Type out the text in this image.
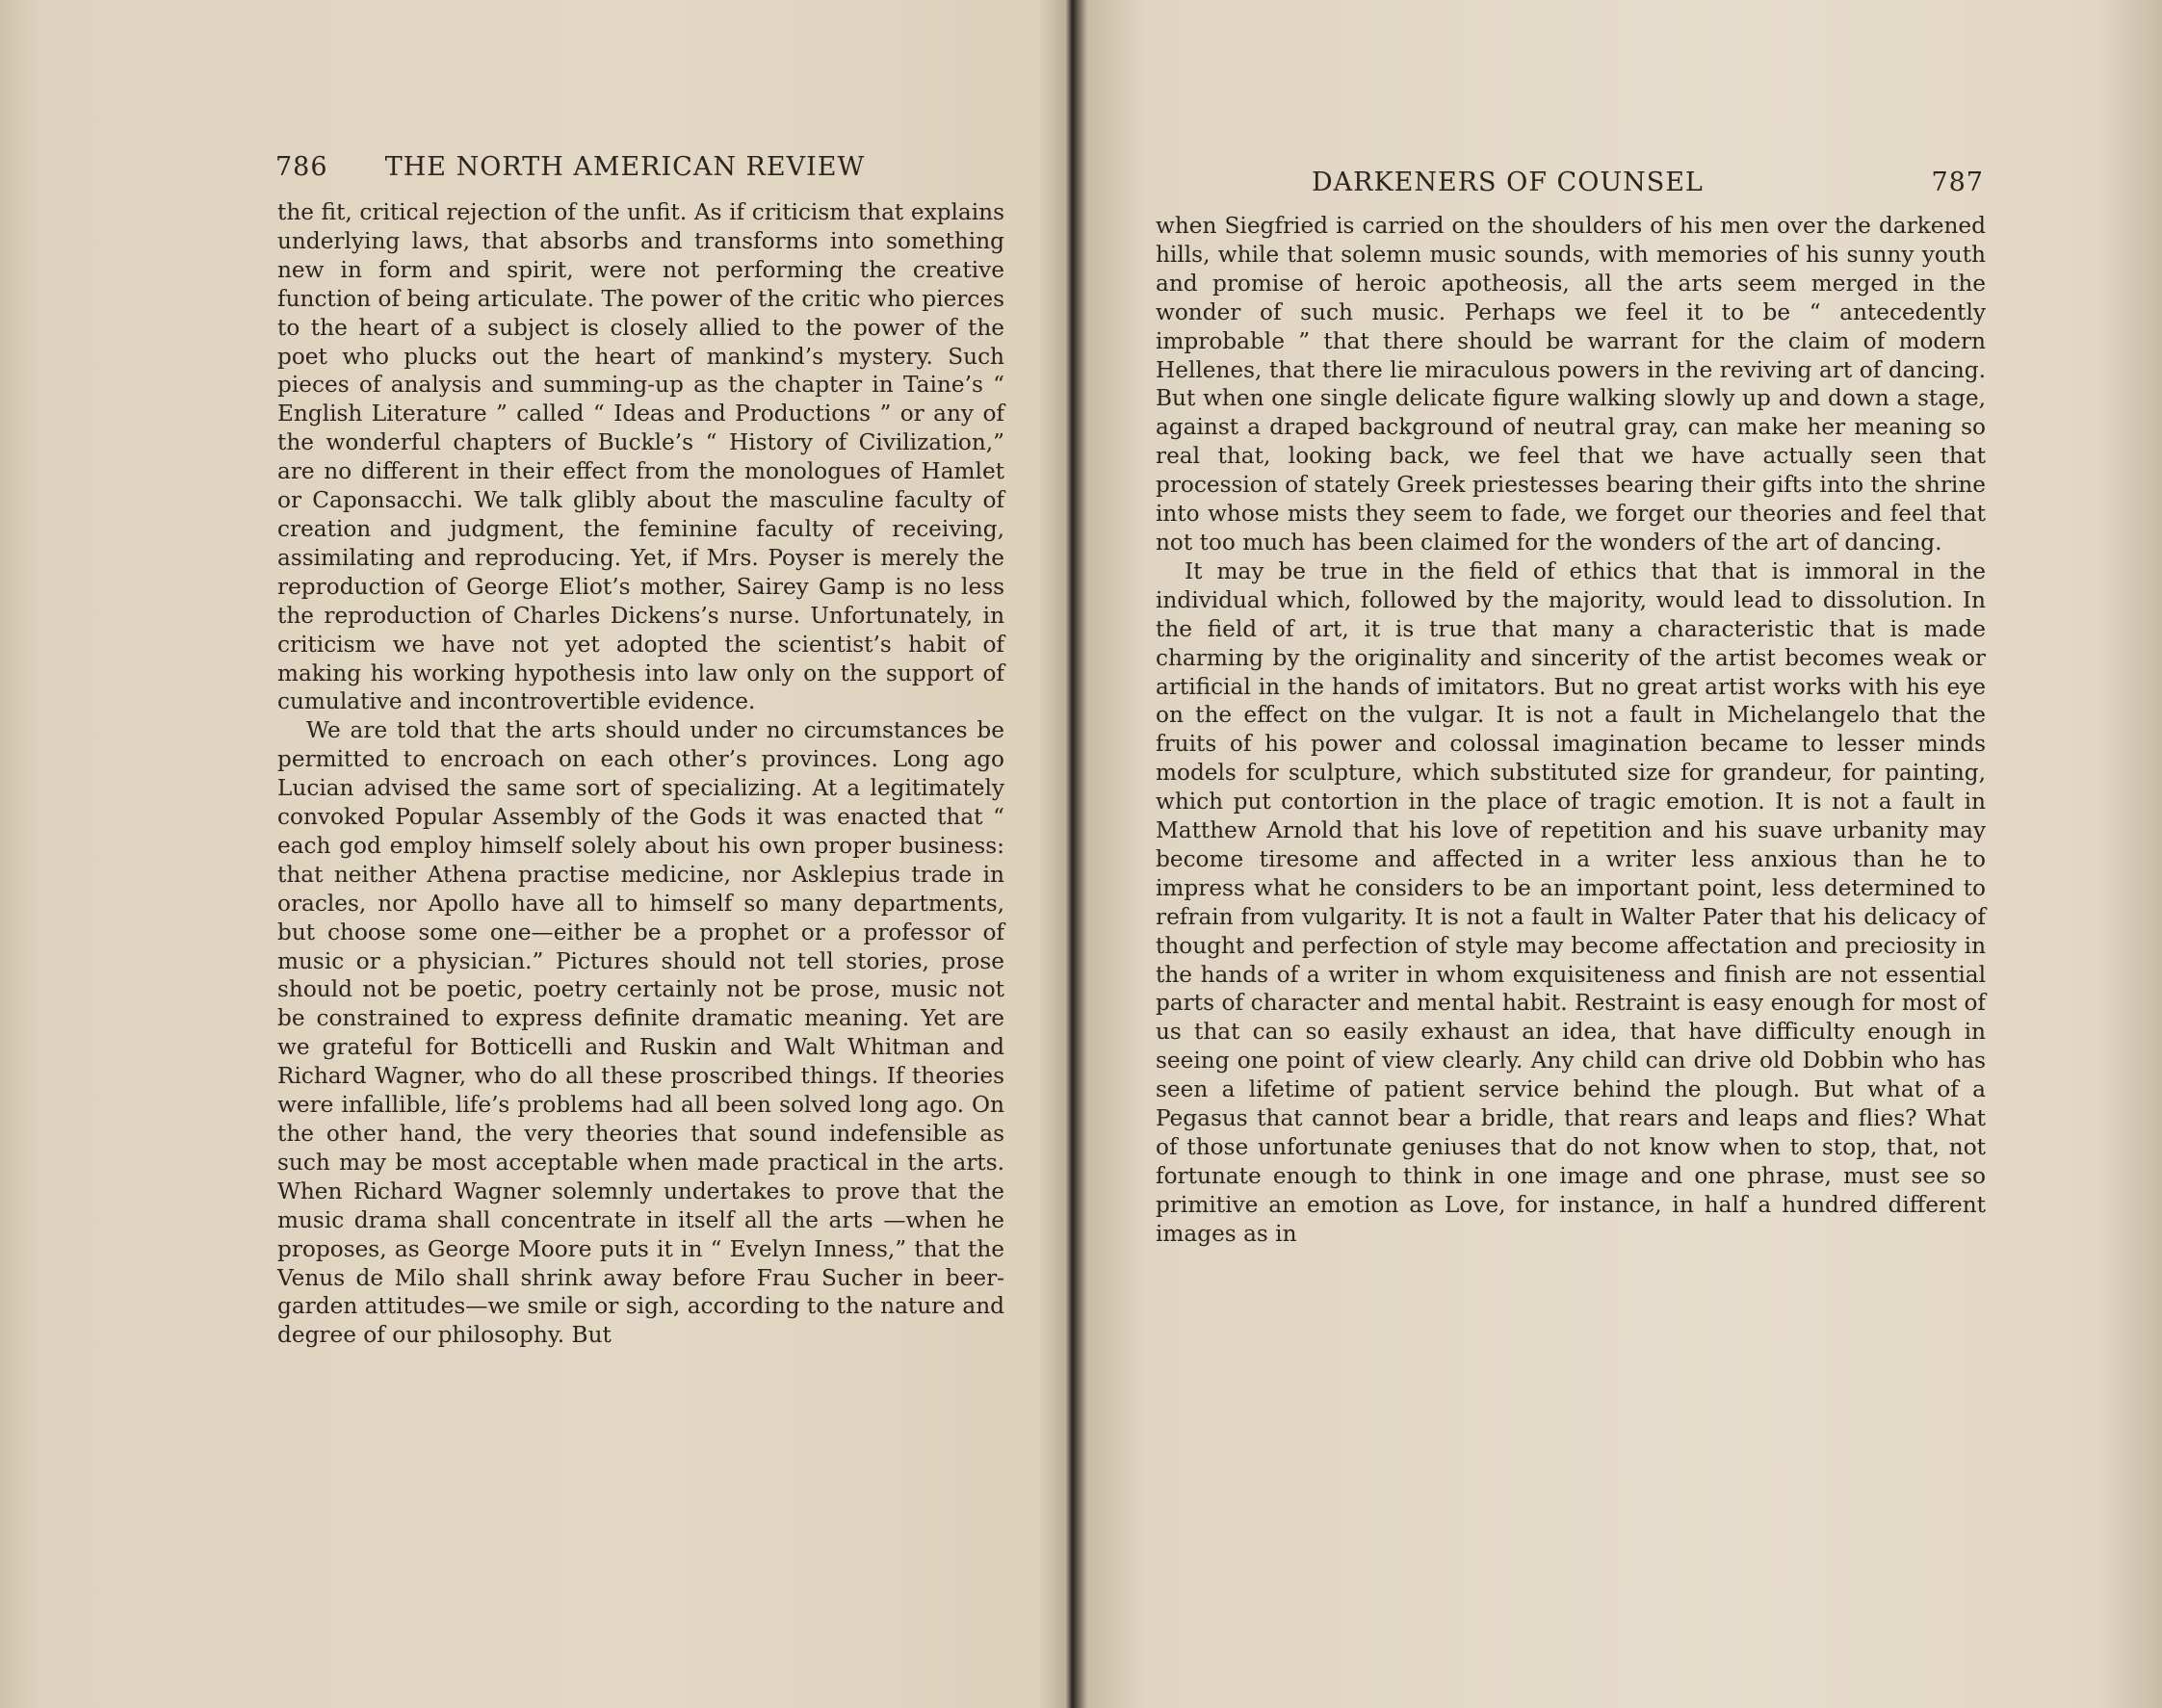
786 THE NORTH AMERICAN REVIEW

the fit, critical rejection of the unfit. As if criticism that explains underlying laws, that absorbs and transforms into something new in form and spirit, were not performing the creative function of being articulate. The power of the critic who pierces to the heart of a subject is closely allied to the power of the poet who plucks out the heart of mankind’s mystery. Such pieces of analysis and summing-up as the chapter in Taine’s “ English Literature ” called “ Ideas and Productions ” or any of the wonderful chapters of Buckle’s “ History of Civilization,” are no different in their effect from the monologues of Hamlet or Caponsacchi. We talk glibly about the masculine faculty of creation and judgment, the feminine faculty of receiving, assimilating and reproducing. Yet, if Mrs. Poyser is merely the reproduction of George Eliot’s mother, Sairey Gamp is no less the reproduction of Charles Dickens’s nurse. Unfortunately, in criticism we have not yet adopted the scientist’s habit of making his working hypothesis into law only on the support of cumulative and incontrovertible evidence.

We are told that the arts should under no circumstances be permitted to encroach on each other’s provinces. Long ago Lucian advised the same sort of specializing. At a legitimately convoked Popular Assembly of the Gods it was enacted that “ each god employ himself solely about his own proper business: that neither Athena practise medicine, nor Asklepius trade in oracles, nor Apollo have all to himself so many departments, but choose some one—either be a prophet or a professor of music or a physician.” Pictures should not tell stories, prose should not be poetic, poetry certainly not be prose, music not be constrained to express definite dramatic meaning. Yet are we grateful for Botticelli and Ruskin and Walt Whitman and Richard Wagner, who do all these proscribed things. If theories were infallible, life’s problems had all been solved long ago. On the other hand, the very theories that sound indefensible as such may be most acceptable when made practical in the arts. When Richard Wagner solemnly undertakes to prove that the music drama shall concentrate in itself all the arts —when he proposes, as George Moore puts it in “ Evelyn Inness,” that the Venus de Milo shall shrink away before Frau Sucher in beer-garden attitudes—we smile or sigh, according to the nature and degree of our philosophy. But

DARKENERS OF COUNSEL	787

when Siegfried is carried on the shoulders of his men over the darkened hills, while that solemn music sounds, with memories of his sunny youth and promise of heroic apotheosis, all the arts seem merged in the wonder of such music. Perhaps we feel it to be “ antecedently improbable ” that there should be warrant for the claim of modern Hellenes, that there lie miraculous powers in the reviving art of dancing. But when one single delicate figure walking slowly up and down a stage, against a draped background of neutral gray, can make her meaning so real that, looking back, we feel that we have actually seen that procession of stately Greek priestesses bearing their gifts into the shrine into whose mists they seem to fade, we forget our theories and feel that not too much has been claimed for the wonders of the art of dancing.

It may be true in the field of ethics that that is immoral in the individual which, followed by the majority, would lead to dissolution. In the field of art, it is true that many a characteristic that is made charming by the originality and sincerity of the artist becomes weak or artificial in the hands of imitators. But no great artist works with his eye on the effect on the vulgar. It is not a fault in Michelangelo that the fruits of his power and colossal imagination became to lesser minds models for sculpture, which substituted size for grandeur, for painting, which put contortion in the place of tragic emotion. It is not a fault in Matthew Arnold that his love of repetition and his suave urbanity may become tiresome and affected in a writer less anxious than he to impress what he considers to be an important point, less determined to refrain from vulgarity. It is not a fault in Walter Pater that his delicacy of thought and perfection of style may become affectation and preciosity in the hands of a writer in whom exquisiteness and finish are not essential parts of character and mental habit. Restraint is easy enough for most of us that can so easily exhaust an idea, that have difficulty enough in seeing one point of view clearly. Any child can drive old Dobbin who has seen a lifetime of patient service behind the plough. But what of a Pegasus that cannot bear a bridle, that rears and leaps and flies? What of those unfortunate geniuses that do not know when to stop, that, not fortunate enough to think in one image and one phrase, must see so primitive an emotion as Love, for instance, in half a hundred different images as in
